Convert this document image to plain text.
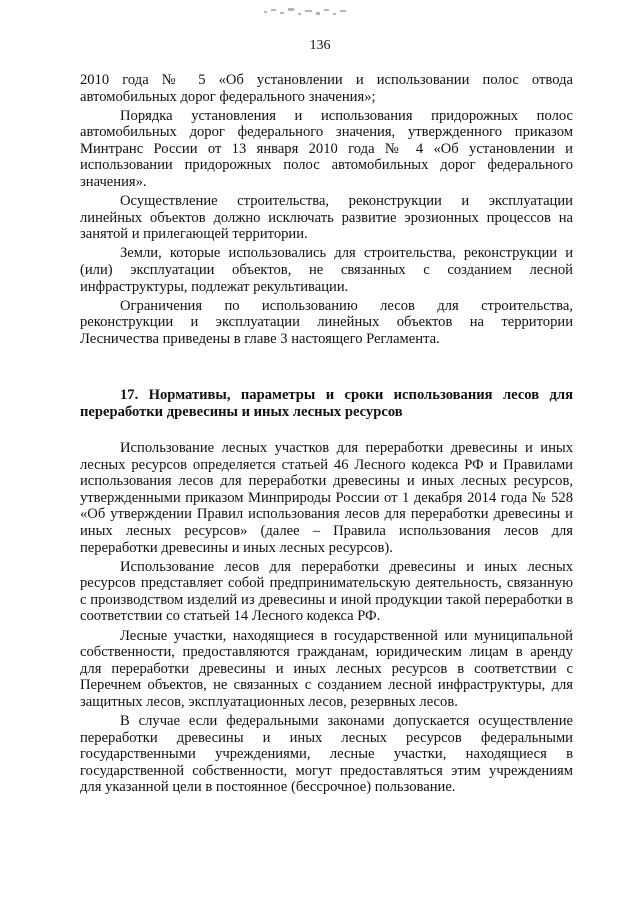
136

2010 года № 5 «Об установлении и использовании полос отвода автомобильных дорог федерального значения»;

Порядка установления и использования придорожных полос автомобильных дорог федерального значения, утвержденного приказом Минтранс России от 13 января 2010 года № 4 «Об установлении и использовании придорожных полос автомобильных дорог федерального значения».

Осуществление строительства, реконструкции и эксплуатации линейных объектов должно исключать развитие эрозионных процессов на занятой и прилегающей территории.

Земли, которые использовались для строительства, реконструкции и (или) эксплуатации объектов, не связанных с созданием лесной инфраструктуры, подлежат рекультивации.

Ограничения по использованию лесов для строительства, реконструкции и эксплуатации линейных объектов на территории Лесничества приведены в главе 3 настоящего Регламента.

17. Нормативы, параметры и сроки использования лесов для переработки древесины и иных лесных ресурсов

Использование лесных участков для переработки древесины и иных лесных ресурсов определяется статьей 46 Лесного кодекса РФ и Правилами использования лесов для переработки древесины и иных лесных ресурсов, утвержденными приказом Минприроды России от 1 декабря 2014 года № 528 «Об утверждении Правил использования лесов для переработки древесины и иных лесных ресурсов» (далее – Правила использования лесов для переработки древесины и иных лесных ресурсов).

Использование лесов для переработки древесины и иных лесных ресурсов представляет собой предпринимательскую деятельность, связанную с производством изделий из древесины и иной продукции такой переработки в соответствии со статьей 14 Лесного кодекса РФ.

Лесные участки, находящиеся в государственной или муниципальной собственности, предоставляются гражданам, юридическим лицам в аренду для переработки древесины и иных лесных ресурсов в соответствии с Перечнем объектов, не связанных с созданием лесной инфраструктуры, для защитных лесов, эксплуатационных лесов, резервных лесов.

В случае если федеральными законами допускается осуществление переработки древесины и иных лесных ресурсов федеральными государственными учреждениями, лесные участки, находящиеся в государственной собственности, могут предоставляться этим учреждениям для указанной цели в постоянное (бессрочное) пользование.
